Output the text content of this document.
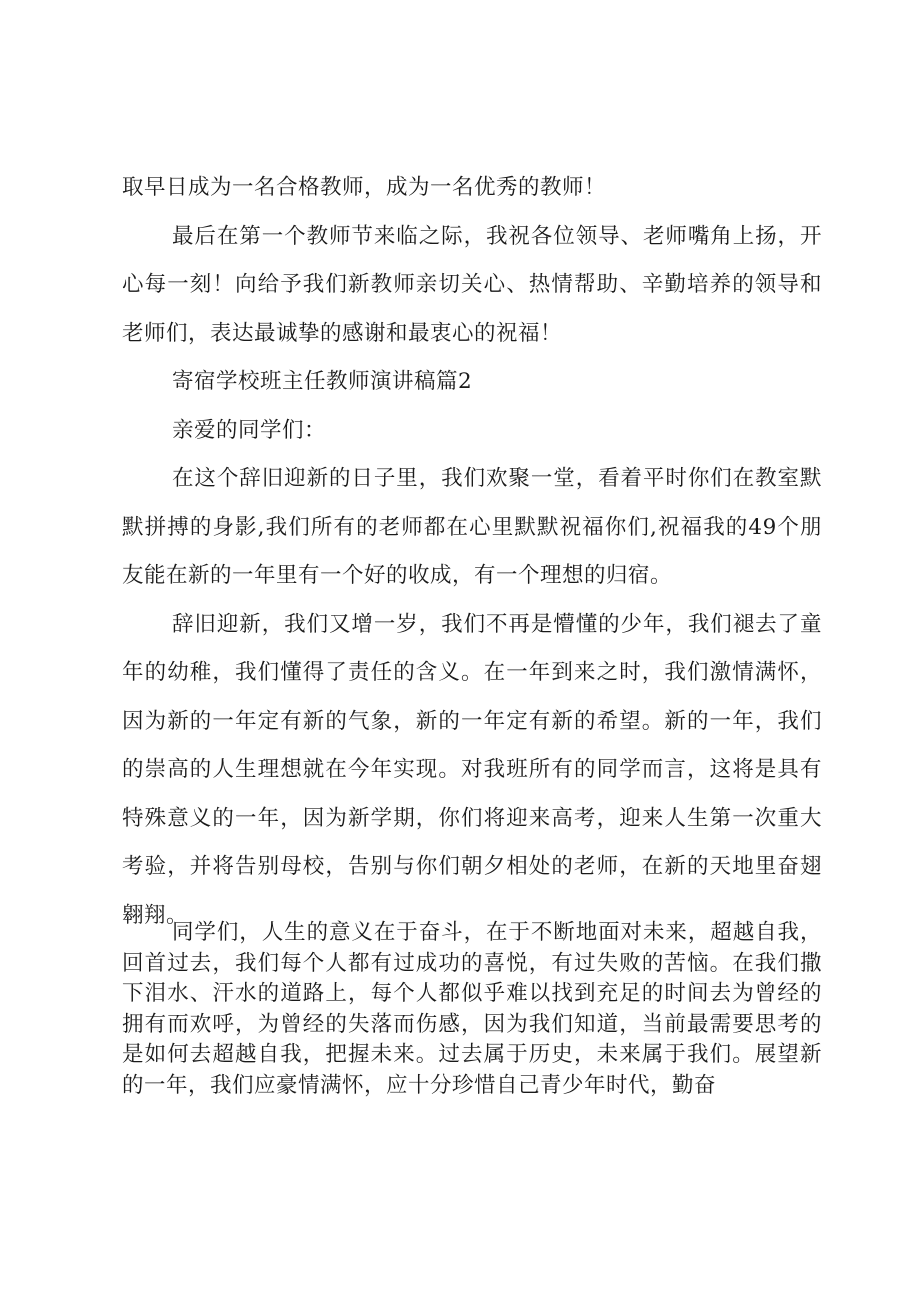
取早日成为一名合格教师，成为一名优秀的教师！

最后在第一个教师节来临之际，我祝各位领导、老师嘴角上扬，开心每一刻！向给予我们新教师亲切关心、热情帮助、辛勤培养的领导和老师们，表达最诚挚的感谢和最衷心的祝福！

寄宿学校班主任教师演讲稿篇2

亲爱的同学们：

在这个辞旧迎新的日子里，我们欢聚一堂，看着平时你们在教室默默拼搏的身影,我们所有的老师都在心里默默祝福你们,祝福我的49个朋友能在新的一年里有一个好的收成，有一个理想的归宿。

辞旧迎新，我们又增一岁，我们不再是懵懂的少年，我们褪去了童年的幼稚，我们懂得了责任的含义。在一年到来之时，我们激情满怀，因为新的一年定有新的气象，新的一年定有新的希望。新的一年，我们的崇高的人生理想就在今年实现。对我班所有的同学而言，这将是具有特殊意义的一年，因为新学期，你们将迎来高考，迎来人生第一次重大考验，并将告别母校，告别与你们朝夕相处的老师，在新的天地里奋翅翱翔。

同学们，人生的意义在于奋斗，在于不断地面对未来，超越自我，回首过去，我们每个人都有过成功的喜悦，有过失败的苦恼。在我们撒下泪水、汗水的道路上，每个人都似乎难以找到充足的时间去为曾经的拥有而欢呼，为曾经的失落而伤感，因为我们知道，当前最需要思考的是如何去超越自我，把握未来。过去属于历史，未来属于我们。展望新的一年，我们应豪情满怀，应十分珍惜自己青少年时代，勤奋
